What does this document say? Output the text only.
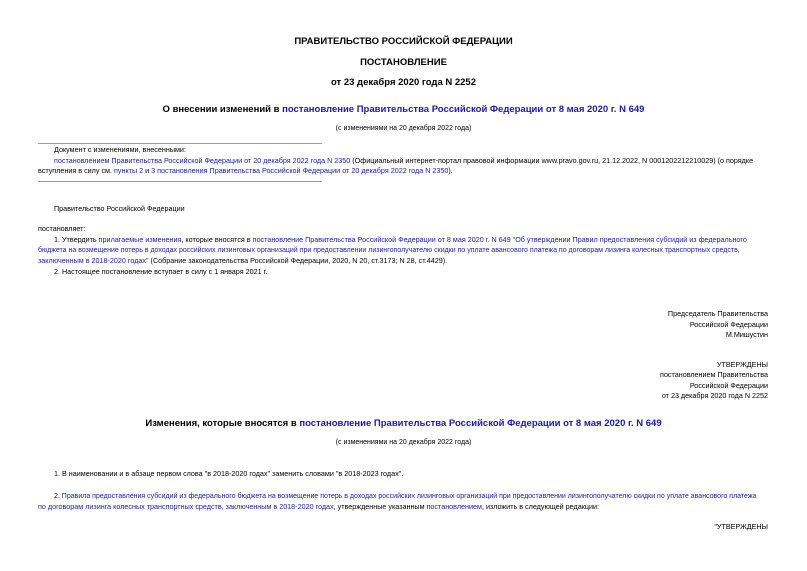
ПРАВИТЕЛЬСТВО РОССИЙСКОЙ ФЕДЕРАЦИИ
ПОСТАНОВЛЕНИЕ
от 23 декабря 2020 года N 2252
О внесении изменений в постановление Правительства Российской Федерации от 8 мая 2020 г. N 649
(с изменениями на 20 декабря 2022 года)
Документ с изменениями, внесенными:
постановлением Правительства Российской Федерации от 20 декабря 2022 года N 2350 (Официальный интернет-портал правовой информации www.pravo.gov.ru, 21.12.2022, N 0001202212210029) (о порядке
вступления в силу см. пункты 2 и 3 постановления Правительства Российской Федерации от 20 декабря 2022 года N 2350).
Правительство Российской Федерации
постановляет:
1. Утвердить прилагаемые изменения, которые вносятся в постановление Правительства Российской Федерации от 8 мая 2020 г. N 649 "Об утверждении Правил предоставления субсидий из федерального
бюджета на возмещение потерь в доходах российских лизинговых организаций при предоставлении лизингополучателю скидки по уплате авансового платежа по договорам лизинга колесных транспортных средств,
заключенным в 2018-2020 годах" (Собрание законодательства Российской Федерации, 2020, N 20, ст.3173; N 28, ст.4429).
2. Настоящее постановление вступает в силу с 1 января 2021 г.
Председатель Правительства
Российской Федерации
М.Мишустин
УТВЕРЖДЕНЫ
постановлением Правительства
Российской Федерации
от 23 декабря 2020 года N 2252
Изменения, которые вносятся в постановление Правительства Российской Федерации от 8 мая 2020 г. N 649
(с изменениями на 20 декабря 2022 года)
1. В наименовании и в абзаце первом слова "в 2018-2020 годах" заменить словами "в 2018-2023 годах".
2. Правила предоставления субсидий из федерального бюджета на возмещение потерь в доходах российских лизинговых организаций при предоставлении лизингополучателю скидки по уплате авансового платежа
по договорам лизинга колесных транспортных средств, заключенным в 2018-2020 годах, утвержденные указанным постановлением, изложить в следующей редакции:
"УТВЕРЖДЕНЫ
